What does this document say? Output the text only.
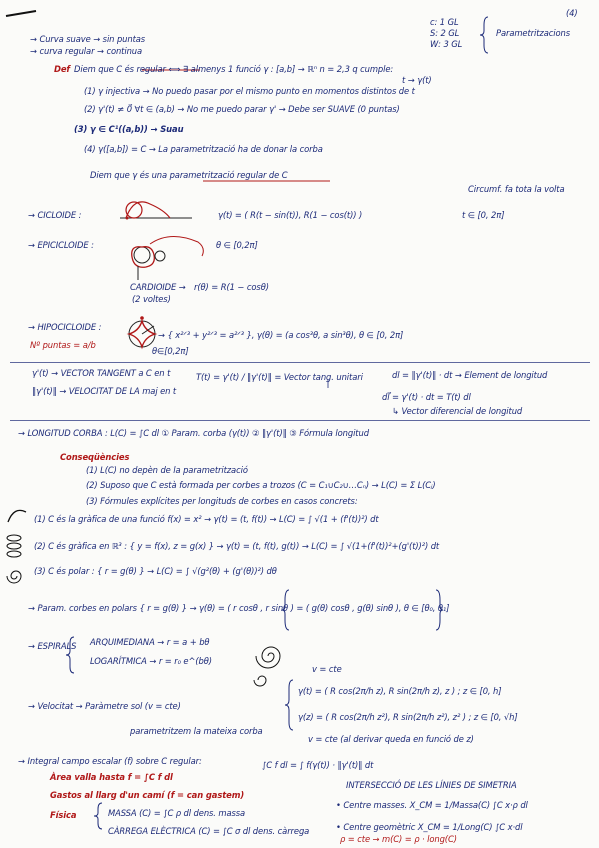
(4)
c: 1 GL
S: 2 GL
W: 3 GL
Parametritzacions
→ Curva suave → sin puntas
→ curva regular → continua
Def Diem que C és regular ⟺ ∃ almenys 1 funció γ : [a,b] → ℝⁿ n = 2,3 q cumple:
t → γ(t)
(1) γ injectiva → No puedo pasar por el mismo punto en momentos distintos de t
(2) γ'(t) ≠ 0⃗ ∀t ∈ (a,b) → No me puedo parar γ' → Debe ser SUAVE (0 puntas)
(3) γ ∈ C¹((a,b)) → Suau
(4) γ([a,b]) = C → La parametrització ha de donar la corba
Diem que γ és una parametrització regular de C
Circumf. fa tota la volta
→ CICLOIDE :	γ(t) = ( R(t − sin(t)), R(1 − cos(t)) )	t ∈ [0, 2π]
→ EPICICLOIDE :	θ ∈ [0,2π]
CARDIOIDE → r(θ) = R(1 − cosθ)
(2 voltes)
→ HIPOCICLOIDE :
→ { x²ᐟ³ + y²ᐟ³ = a²ᐟ³ }, γ(θ) = (a cos³θ, a sin³θ), θ ∈ [0, 2π]
Nº puntas = a/b
θ∈[0,2π]
γ'(t) → VECTOR TANGENT a C en t
‖γ'(t)‖ → VELOCITAT DE LA maj en t
T(t) = γ'(t) / ‖γ'(t)‖ = Vector tang. unitari	dl = ‖γ'(t)‖ · dt → Element de longitud
dl⃗ = γ'(t) · dt = T(t) dl
↳ Vector diferencial de longitud
→ LONGITUD CORBA : L(C) = ∫C dl ① Param. corba (γ(t)) ② ‖γ'(t)‖ ③ Fórmula longitud
Conseqüències
(1) L(C) no depèn de la parametrització
(2) Suposo que C està formada per corbes a trozos (C = C₁∪C₂∪…Cₙ) → L(C) = Σ L(Cⱼ)
(3) Fórmules explícites per longituds de corbes en casos concrets:
(1) C és la gràfica de una funció f(x) = x² → γ(t) = (t, f(t)) → L(C) = ∫ √(1 + (f'(t))²) dt
(2) C és gràfica en ℝ³ : { y = f(x), z = g(x) } → γ(t) = (t, f(t), g(t)) → L(C) = ∫ √(1+(f'(t))²+(g'(t))²) dt
(3) C és polar : { r = g(θ) } → L(C) = ∫ √(g²(θ) + (g'(θ))²) dθ
→ Param. corbes en polars { r = g(θ) } → γ(θ) = ( r cosθ , r sinθ ) = ( g(θ) cosθ , g(θ) sinθ ), θ ∈ [θ₀, θ₁]
→ ESPIRALS ARQUIMEDIANA → r = a + bθ
LOGARÍTMICA → r = r₀ e^(bθ)
→ Velocitat → Paràmetre sol (v = cte)
v = cte
γ(t) = ( R cos(2π/h z), R sin(2π/h z), z ) ; z ∈ [0, h]
γ(z) = ( R cos(2π/h z²), R sin(2π/h z²), z² ) ; z ∈ [0, √h]
parametritzem la mateixa corba
v = cte (al derivar queda en funció de z)
→ Integral campo escalar (f) sobre C regular:	∫C f dl = ∫ f(γ(t)) · ‖γ'(t)‖ dt
Àrea valla hasta f = ∫C f dl
Gastos al llarg d'un camí (f = can gastem)
Física	MASSA (C) = ∫C ρ dl dens. massa
CÀRREGA ELÈCTRICA (C) = ∫C σ dl dens. càrrega
INTERSECCIÓ DE LES LÍNIES DE SIMETRIA
• Centre masses. X_CM = 1/Massa(C) ∫C x·ρ dl
• Centre geomètric X_CM = 1/Long(C) ∫C x·dl
ρ = cte → m(C) = ρ · long(C)
